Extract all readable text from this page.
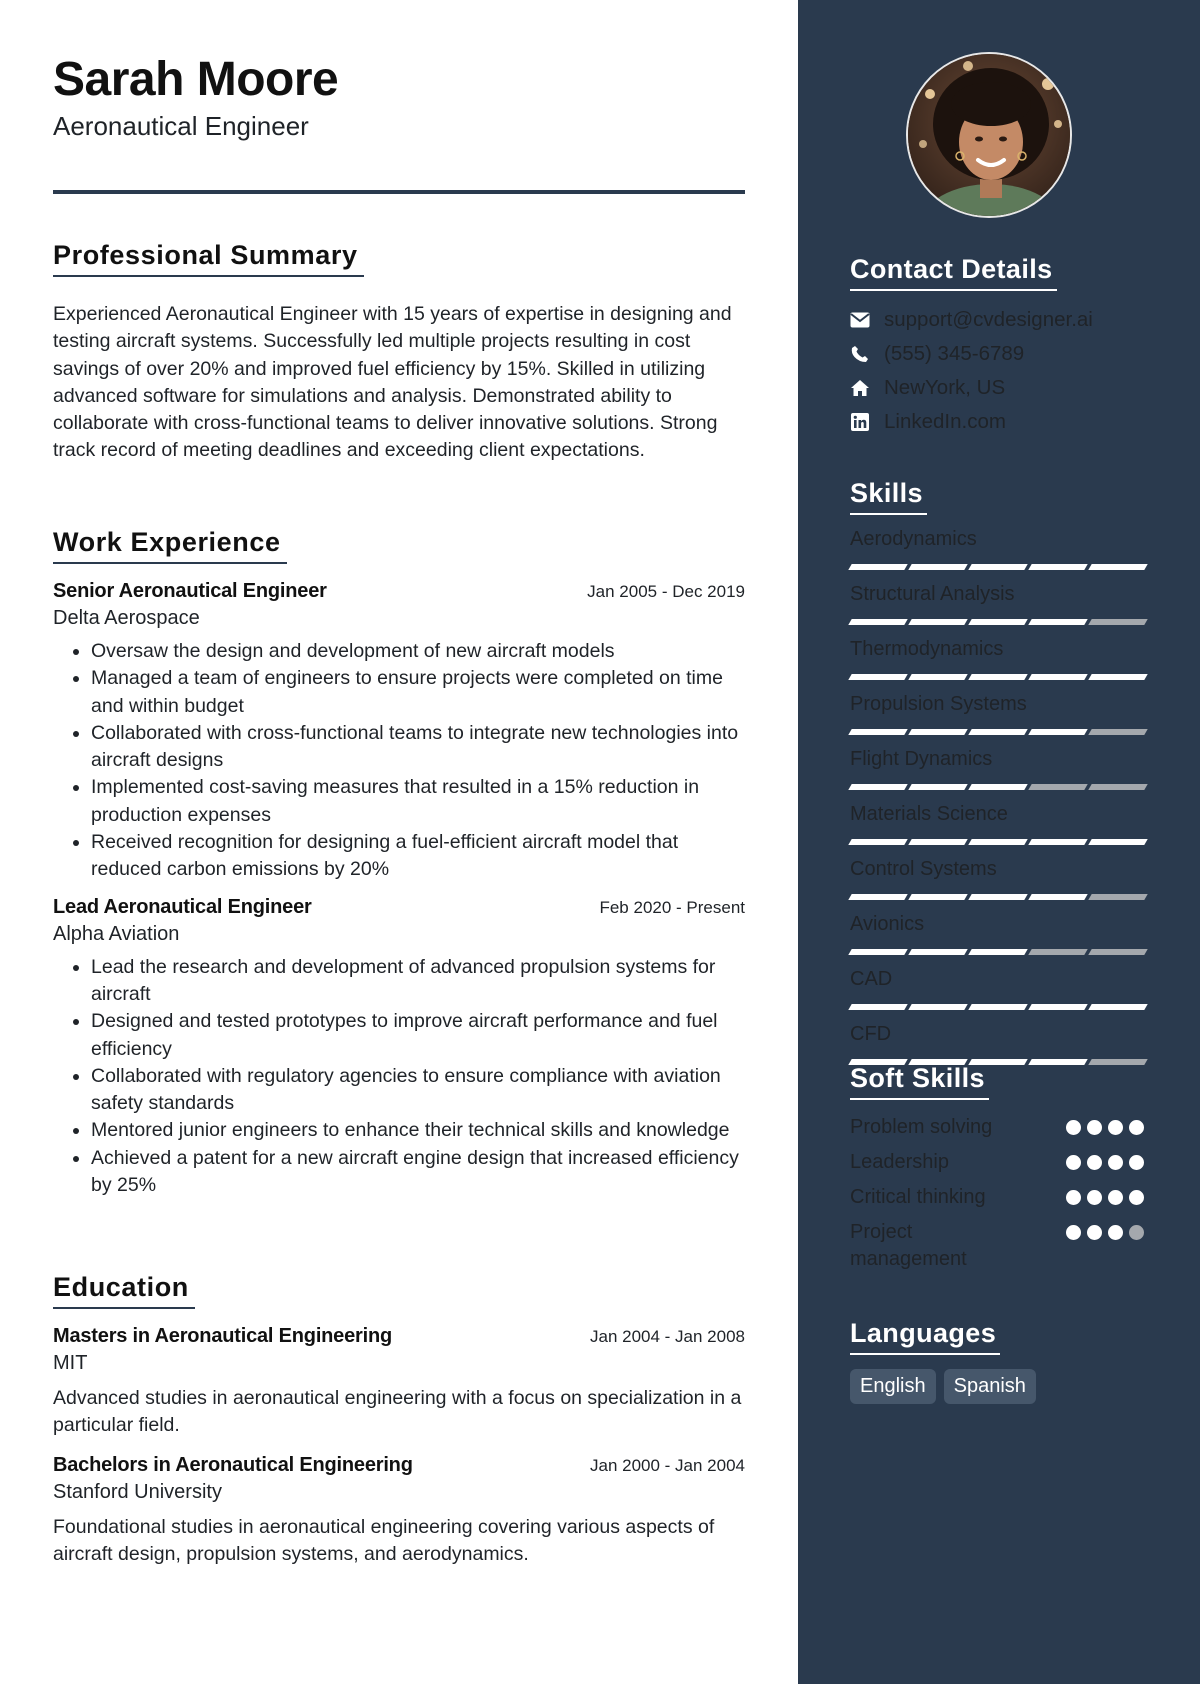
Sarah Moore
Aeronautical Engineer
Professional Summary

Experienced Aeronautical Engineer with 15 years of expertise in designing and testing aircraft systems. Successfully led multiple projects resulting in cost savings of over 20% and improved fuel efficiency by 15%. Skilled in utilizing advanced software for simulations and analysis. Demonstrated ability to collaborate with cross-functional teams to deliver innovative solutions. Strong track record of meeting deadlines and exceeding client expectations.

Work Experience
Senior Aeronautical Engineer	Jan 2005 - Dec 2019
Delta Aerospace
• Oversaw the design and development of new aircraft models
• Managed a team of engineers to ensure projects were completed on time and within budget
• Collaborated with cross-functional teams to integrate new technologies into aircraft designs
• Implemented cost-saving measures that resulted in a 15% reduction in production expenses
• Received recognition for designing a fuel-efficient aircraft model that reduced carbon emissions by 20%
Lead Aeronautical Engineer	Feb 2020 - Present
Alpha Aviation
• Lead the research and development of advanced propulsion systems for aircraft
• Designed and tested prototypes to improve aircraft performance and fuel efficiency
• Collaborated with regulatory agencies to ensure compliance with aviation safety standards
• Mentored junior engineers to enhance their technical skills and knowledge
• Achieved a patent for a new aircraft engine design that increased efficiency by 25%
Education
Masters in Aeronautical Engineering	Jan 2004 - Jan 2008
MIT

Advanced studies in aeronautical engineering with a focus on specialization in a particular field.

Bachelors in Aeronautical Engineering	Jan 2000 - Jan 2004
Stanford University

Foundational studies in aeronautical engineering covering various aspects of aircraft design, propulsion systems, and aerodynamics.

Contact Details
support@cvdesigner.ai
(555) 345-6789
NewYork, US
LinkedIn.com
Skills
Aerodynamics
Structural Analysis
Thermodynamics
Propulsion Systems
Flight Dynamics
Materials Science
Control Systems
Avionics
CAD
CFD
Soft Skills
Problem solving
Leadership
Critical thinking
Project management
Languages
English	Spanish
